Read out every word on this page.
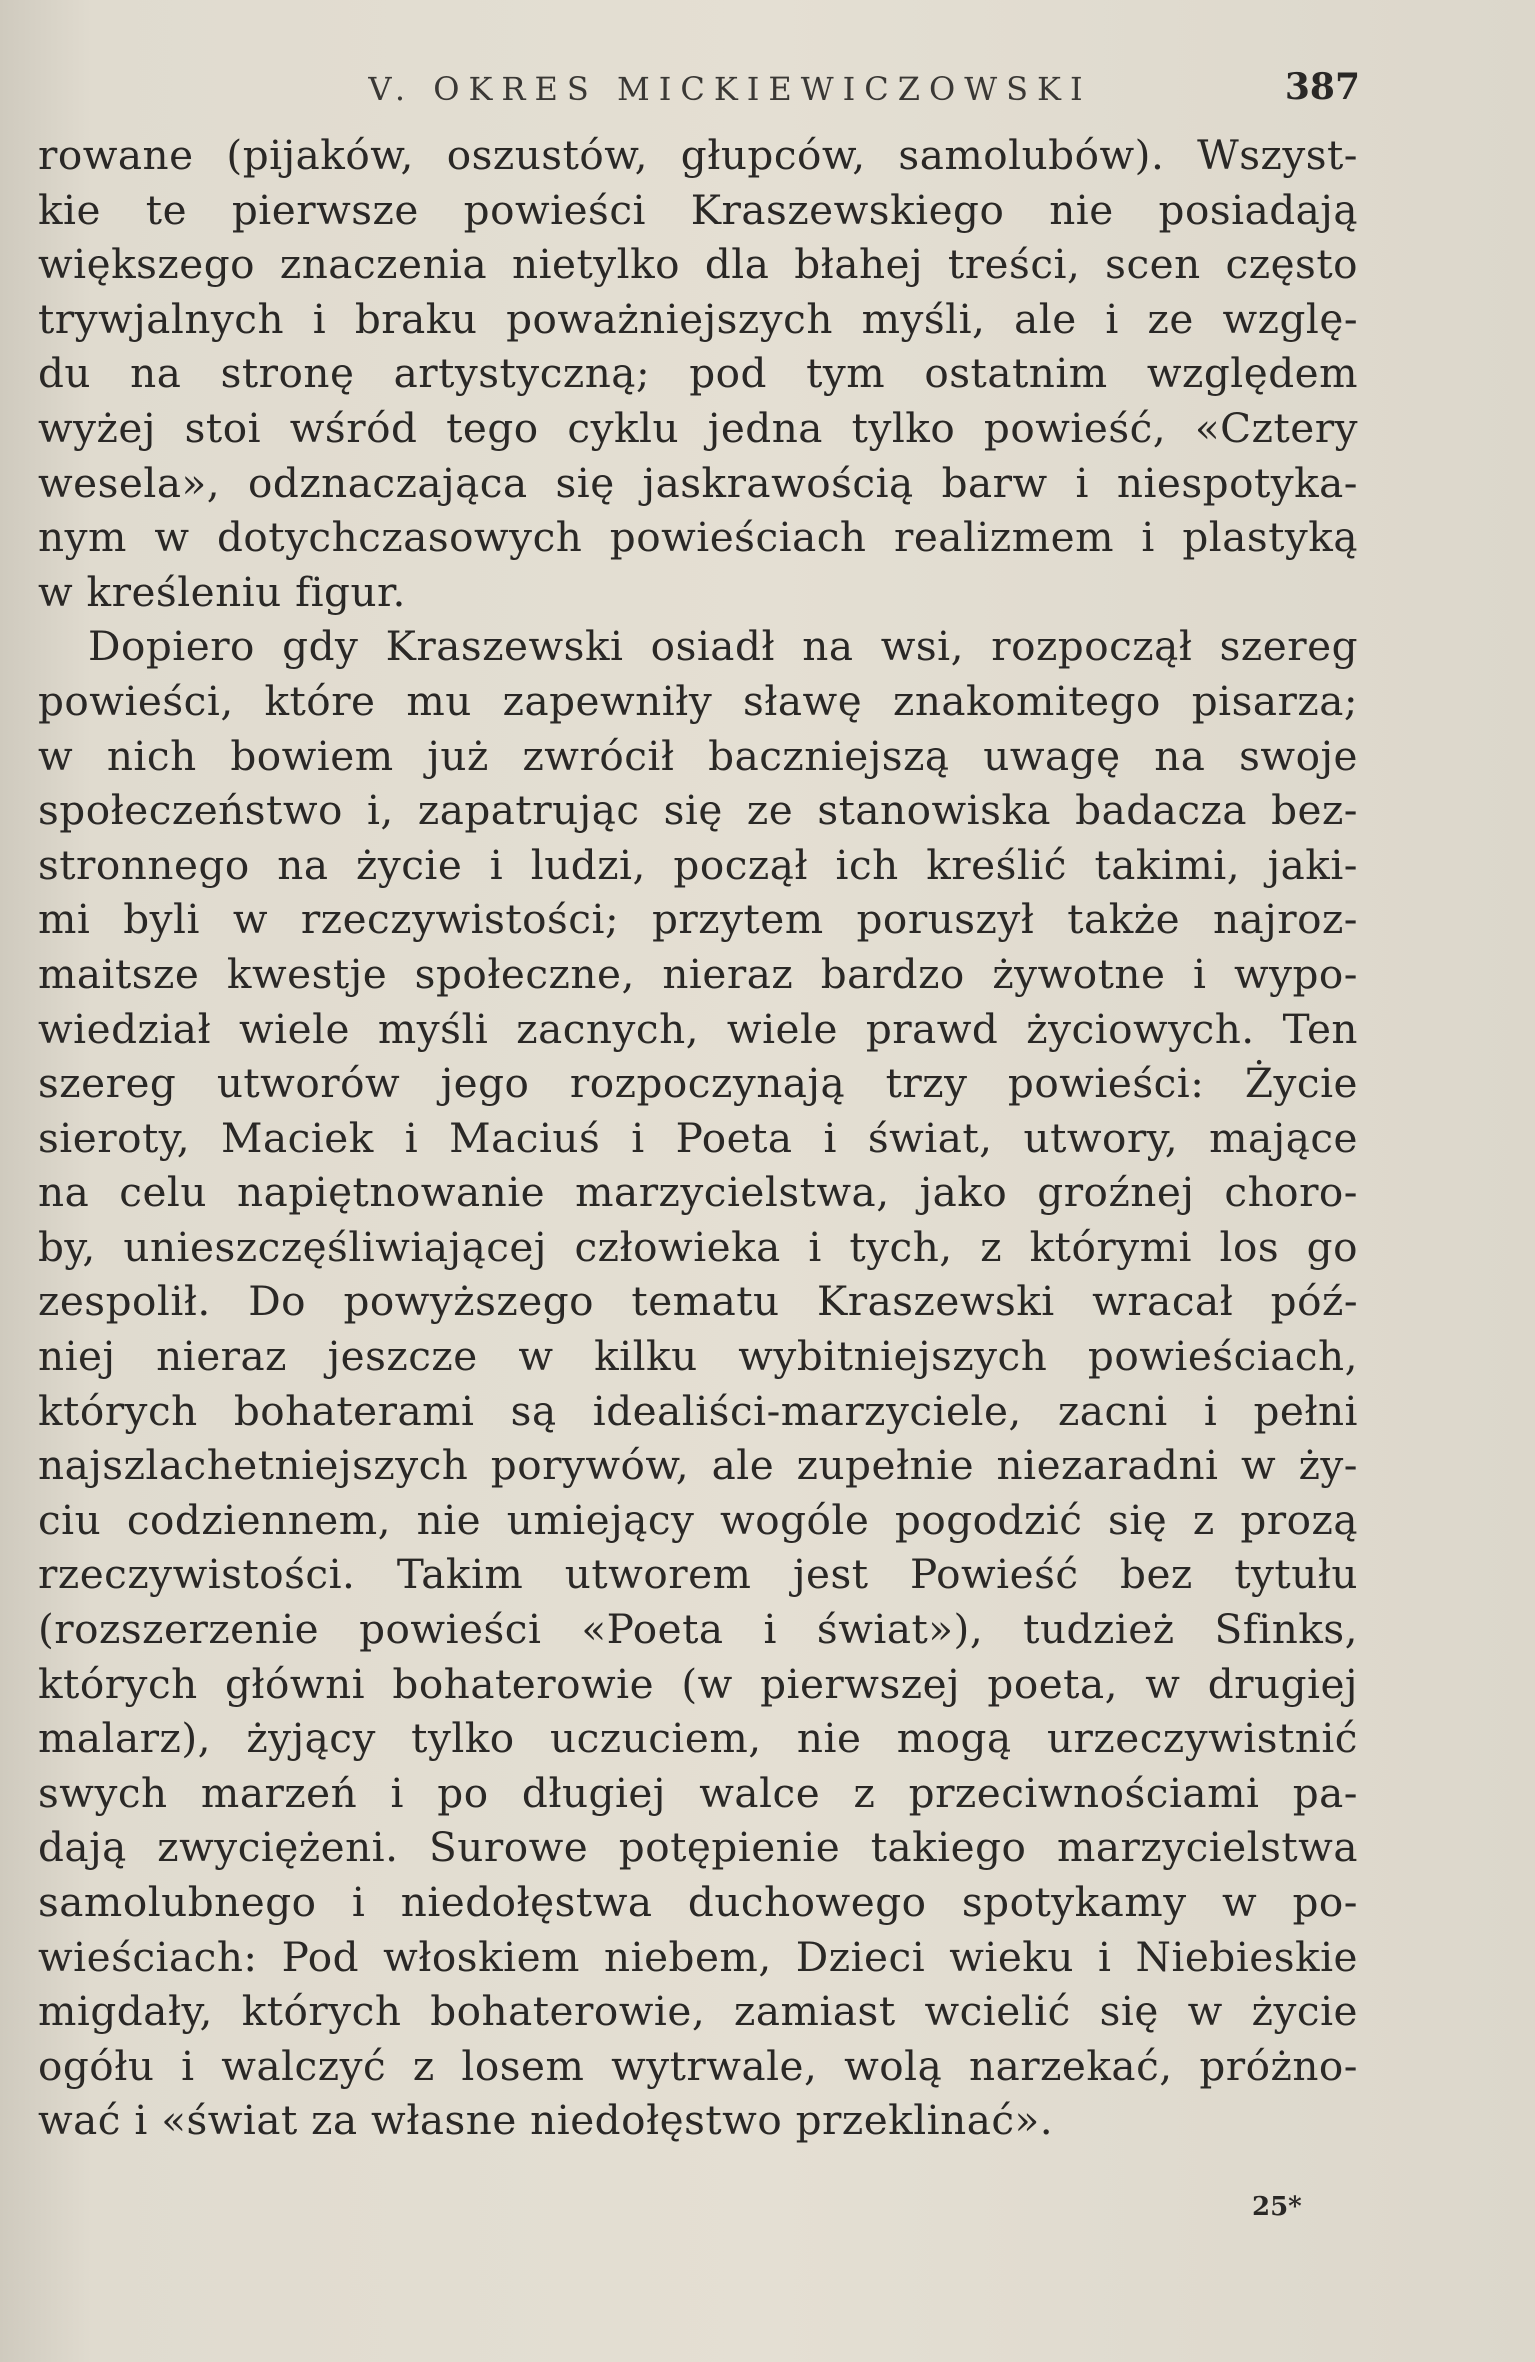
V. OKRES MICKIEWICZOWSKI	387
rowane (pijaków, oszustów, głupców, samolubów). Wszyst-
kie te pierwsze powieści Kraszewskiego nie posiadają
większego znaczenia nietylko dla błahej treści, scen często
trywjalnych i braku poważniejszych myśli, ale i ze wzglę-
du na stronę artystyczną; pod tym ostatnim względem
wyżej stoi wśród tego cyklu jedna tylko powieść, «Cztery
wesela», odznaczająca się jaskrawością barw i niespotyka-
nym w dotychczasowych powieściach realizmem i plastyką
w kreśleniu figur.
Dopiero gdy Kraszewski osiadł na wsi, rozpoczął szereg
powieści, które mu zapewniły sławę znakomitego pisarza;
w nich bowiem już zwrócił baczniejszą uwagę na swoje
społeczeństwo i, zapatrując się ze stanowiska badacza bez-
stronnego na życie i ludzi, począł ich kreślić takimi, jaki-
mi byli w rzeczywistości; przytem poruszył także najroz-
maitsze kwestje społeczne, nieraz bardzo żywotne i wypo-
wiedział wiele myśli zacnych, wiele prawd życiowych. Ten
szereg utworów jego rozpoczynają trzy powieści: Życie
sieroty, Maciek i Maciuś i Poeta i świat, utwory, mające
na celu napiętnowanie marzycielstwa, jako groźnej choro-
by, unieszczęśliwiającej człowieka i tych, z którymi los go
zespolił. Do powyższego tematu Kraszewski wracał póź-
niej nieraz jeszcze w kilku wybitniejszych powieściach,
których bohaterami są idealiści-marzyciele, zacni i pełni
najszlachetniejszych porywów, ale zupełnie niezaradni w ży-
ciu codziennem, nie umiejący wogóle pogodzić się z prozą
rzeczywistości. Takim utworem jest Powieść bez tytułu
(rozszerzenie powieści «Poeta i świat»), tudzież Sfinks,
których główni bohaterowie (w pierwszej poeta, w drugiej
malarz), żyjący tylko uczuciem, nie mogą urzeczywistnić
swych marzeń i po długiej walce z przeciwnościami pa-
dają zwyciężeni. Surowe potępienie takiego marzycielstwa
samolubnego i niedołęstwa duchowego spotykamy w po-
wieściach: Pod włoskiem niebem, Dzieci wieku i Niebieskie
migdały, których bohaterowie, zamiast wcielić się w życie
ogółu i walczyć z losem wytrwale, wolą narzekać, próżno-
wać i «świat za własne niedołęstwo przeklinać».
25*
